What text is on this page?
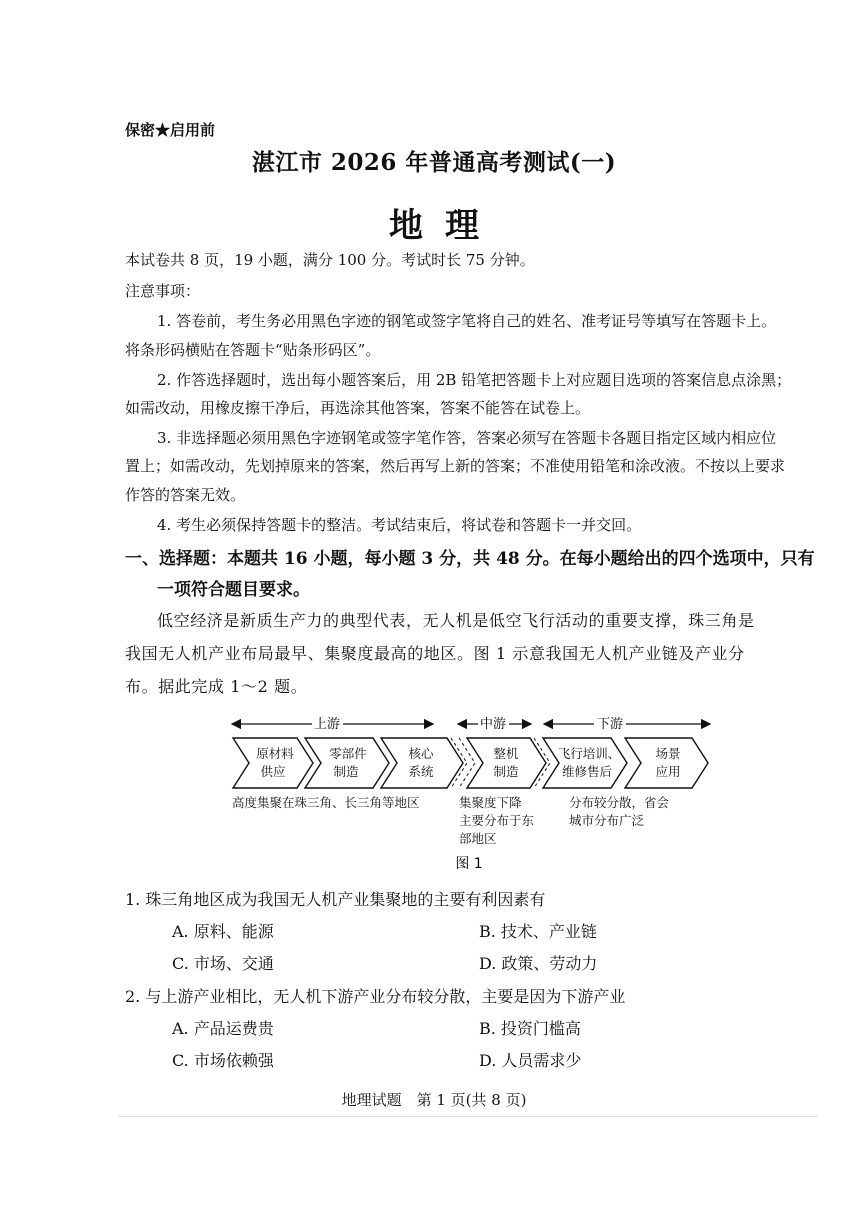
保密★启用前
湛江市 2026 年普通高考测试(一)
地理
本试卷共 8 页，19 小题，满分 100 分。考试时长 75 分钟。
注意事项：
1. 答卷前，考生务必用黑色字迹的钢笔或签字笔将自己的姓名、准考证号等填写在答题卡上。
将条形码横贴在答题卡“贴条形码区”。
2. 作答选择题时，选出每小题答案后，用 2B 铅笔把答题卡上对应题目选项的答案信息点涂黑；
如需改动，用橡皮擦干净后，再选涂其他答案，答案不能答在试卷上。
3. 非选择题必须用黑色字迹钢笔或签字笔作答，答案必须写在答题卡各题目指定区域内相应位
置上；如需改动，先划掉原来的答案，然后再写上新的答案；不准使用铅笔和涂改液。不按以上要求
作答的答案无效。
4. 考生必须保持答题卡的整洁。考试结束后，将试卷和答题卡一并交回。
一、选择题：本题共 16 小题，每小题 3 分，共 48 分。在每小题给出的四个选项中，只有
一项符合题目要求。
低空经济是新质生产力的典型代表，无人机是低空飞行活动的重要支撑，珠三角是
我国无人机产业布局最早、集聚度最高的地区。图 1 示意我国无人机产业链及产业分
布。据此完成 1～2 题。
上游	中游	下游
原材料
供应
零部件
制造
核心
系统
整机
制造
飞行培训、
维修售后
场景
应用
高度集聚在珠三角、长三角等地区	集聚度下降
主要分布于东
部地区
分布较分散，省会
城市分布广泛
图 1
1. 珠三角地区成为我国无人机产业集聚地的主要有利因素有
A. 原料、能源	B. 技术、产业链
C. 市场、交通	D. 政策、劳动力
2. 与上游产业相比，无人机下游产业分布较分散，主要是因为下游产业
A. 产品运费贵	B. 投资门槛高
C. 市场依赖强	D. 人员需求少
地理试题　第 1 页(共 8 页)
